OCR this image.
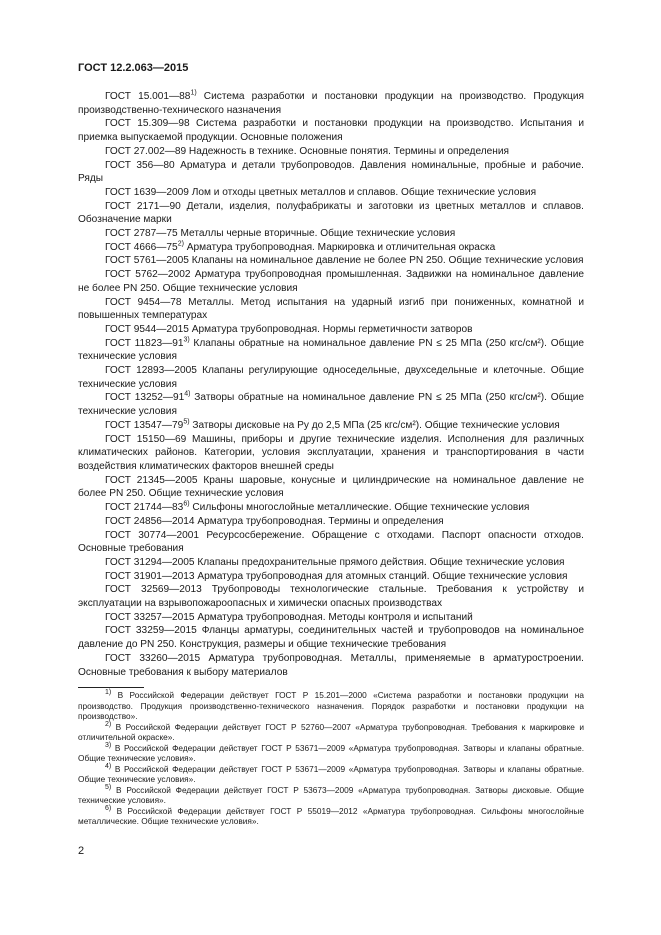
ГОСТ 12.2.063—2015

ГОСТ 15.001—88$^{1)}$ Система разработки и постановки продукции на производство. Продукция производственно-технического назначения

ГОСТ 15.309—98 Система разработки и постановки продукции на производство. Испытания и приемка выпускаемой продукции. Основные положения

ГОСТ 27.002—89 Надежность в технике. Основные понятия. Термины и определения

ГОСТ 356—80 Арматура и детали трубопроводов. Давления номинальные, пробные и рабочие. Ряды

ГОСТ 1639—2009 Лом и отходы цветных металлов и сплавов. Общие технические условия

ГОСТ 2171—90 Детали, изделия, полуфабрикаты и заготовки из цветных металлов и сплавов. Обозначение марки

ГОСТ 2787—75 Металлы черные вторичные. Общие технические условия

ГОСТ 4666—75$^{2)}$ Арматура трубопроводная. Маркировка и отличительная окраска

ГОСТ 5761—2005 Клапаны на номинальное давление не более PN 250. Общие технические условия

ГОСТ 5762—2002 Арматура трубопроводная промышленная. Задвижки на номинальное давление не более PN 250. Общие технические условия

ГОСТ 9454—78 Металлы. Метод испытания на ударный изгиб при пониженных, комнатной и повышенных температурах

ГОСТ 9544—2015 Арматура трубопроводная. Нормы герметичности затворов

ГОСТ 11823—91$^{3)}$ Клапаны обратные на номинальное давление PN ≤ 25 МПа (250 кгс/см²). Общие технические условия

ГОСТ 12893—2005 Клапаны регулирующие односедельные, двухседельные и клеточные. Общие технические условия

ГОСТ 13252—91$^{4)}$ Затворы обратные на номинальное давление PN ≤ 25 МПа (250 кгс/см²). Общие технические условия

ГОСТ 13547—79$^{5)}$ Затворы дисковые на Pу до 2,5 МПа (25 кгс/см²). Общие технические условия

ГОСТ 15150—69 Машины, приборы и другие технические изделия. Исполнения для различных климатических районов. Категории, условия эксплуатации, хранения и транспортирования в части воздействия климатических факторов внешней среды

ГОСТ 21345—2005 Краны шаровые, конусные и цилиндрические на номинальное давление не более PN 250. Общие технические условия

ГОСТ 21744—83$^{6)}$ Сильфоны многослойные металлические. Общие технические условия

ГОСТ 24856—2014 Арматура трубопроводная. Термины и определения

ГОСТ 30774—2001 Ресурсосбережение. Обращение с отходами. Паспорт опасности отходов. Основные требования

ГОСТ 31294—2005 Клапаны предохранительные прямого действия. Общие технические условия

ГОСТ 31901—2013 Арматура трубопроводная для атомных станций. Общие технические условия

ГОСТ 32569—2013 Трубопроводы технологические стальные. Требования к устройству и эксплуатации на взрывопожароопасных и химически опасных производствах

ГОСТ 33257—2015 Арматура трубопроводная. Методы контроля и испытаний

ГОСТ 33259—2015 Фланцы арматуры, соединительных частей и трубопроводов на номинальное давление до PN 250. Конструкция, размеры и общие технические требования

ГОСТ 33260—2015 Арматура трубопроводная. Металлы, применяемые в арматуростроении. Основные требования к выбору материалов

$^{1)}$ В Российской Федерации действует ГОСТ Р 15.201—2000 «Система разработки и постановки продукции на производство. Продукция производственно-технического назначения. Порядок разработки и постановки продукции на производство».

$^{2)}$ В Российской Федерации действует ГОСТ Р 52760—2007 «Арматура трубопроводная. Требования к маркировке и отличительной окраске».

$^{3)}$ В Российской Федерации действует ГОСТ Р 53671—2009 «Арматура трубопроводная. Затворы и клапаны обратные. Общие технические условия».

$^{4)}$ В Российской Федерации действует ГОСТ Р 53671—2009 «Арматура трубопроводная. Затворы и клапаны обратные. Общие технические условия».

$^{5)}$ В Российской Федерации действует ГОСТ Р 53673—2009 «Арматура трубопроводная. Затворы дисковые. Общие технические условия».

$^{6)}$ В Российской Федерации действует ГОСТ Р 55019—2012 «Арматура трубопроводная. Сильфоны многослойные металлические. Общие технические условия».

2
